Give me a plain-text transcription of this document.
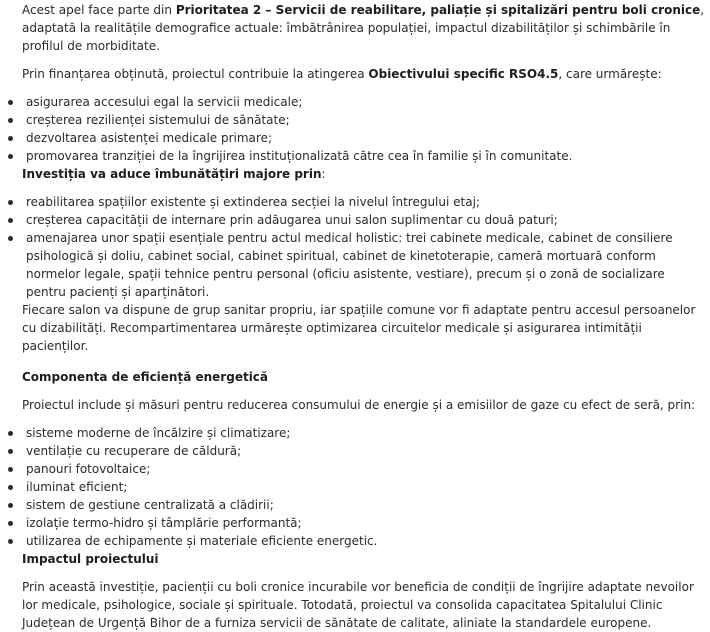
Acest apel face parte din Prioritatea 2 – Servicii de reabilitare, paliație și spitalizări pentru boli cronice, adaptată la realitățile demografice actuale: îmbătrânirea populației, impactul dizabilităților și schimbările în profilul de morbiditate.

Prin finanțarea obținută, proiectul contribuie la atingerea Obiectivului specific RSO4.5, care urmărește:

asigurarea accesului egal la servicii medicale;
creșterea rezilienței sistemului de sănătate;
dezvoltarea asistenței medicale primare;
promovarea tranziției de la îngrijirea instituționalizată către cea în familie și în comunitate.

Investiția va aduce îmbunătățiri majore prin:

reabilitarea spațiilor existente și extinderea secției la nivelul întregului etaj;
creșterea capacității de internare prin adăugarea unui salon suplimentar cu două paturi;
amenajarea unor spații esențiale pentru actul medical holistic: trei cabinete medicale, cabinet de consiliere psihologică și doliu, cabinet social, cabinet spiritual, cabinet de kinetoterapie, cameră mortuară conform normelor legale, spații tehnice pentru personal (oficiu asistente, vestiare), precum și o zonă de socializare pentru pacienți și aparținători.

Fiecare salon va dispune de grup sanitar propriu, iar spațiile comune vor fi adaptate pentru accesul persoanelor cu dizabilități. Recompartimentarea urmărește optimizarea circuitelor medicale și asigurarea intimității pacienților.

Componenta de eficiență energetică

Proiectul include și măsuri pentru reducerea consumului de energie și a emisiilor de gaze cu efect de seră, prin:

sisteme moderne de încălzire și climatizare;
ventilație cu recuperare de căldură;
panouri fotovoltaice;
iluminat eficient;
sistem de gestiune centralizată a clădirii;
izolație termo-hidro și tâmplărie performantă;
utilizarea de echipamente și materiale eficiente energetic.

Impactul proiectului

Prin această investiție, pacienții cu boli cronice incurabile vor beneficia de condiții de îngrijire adaptate nevoilor lor medicale, psihologice, sociale și spirituale. Totodată, proiectul va consolida capacitatea Spitalului Clinic Județean de Urgență Bihor de a furniza servicii de sănătate de calitate, aliniate la standardele europene.
